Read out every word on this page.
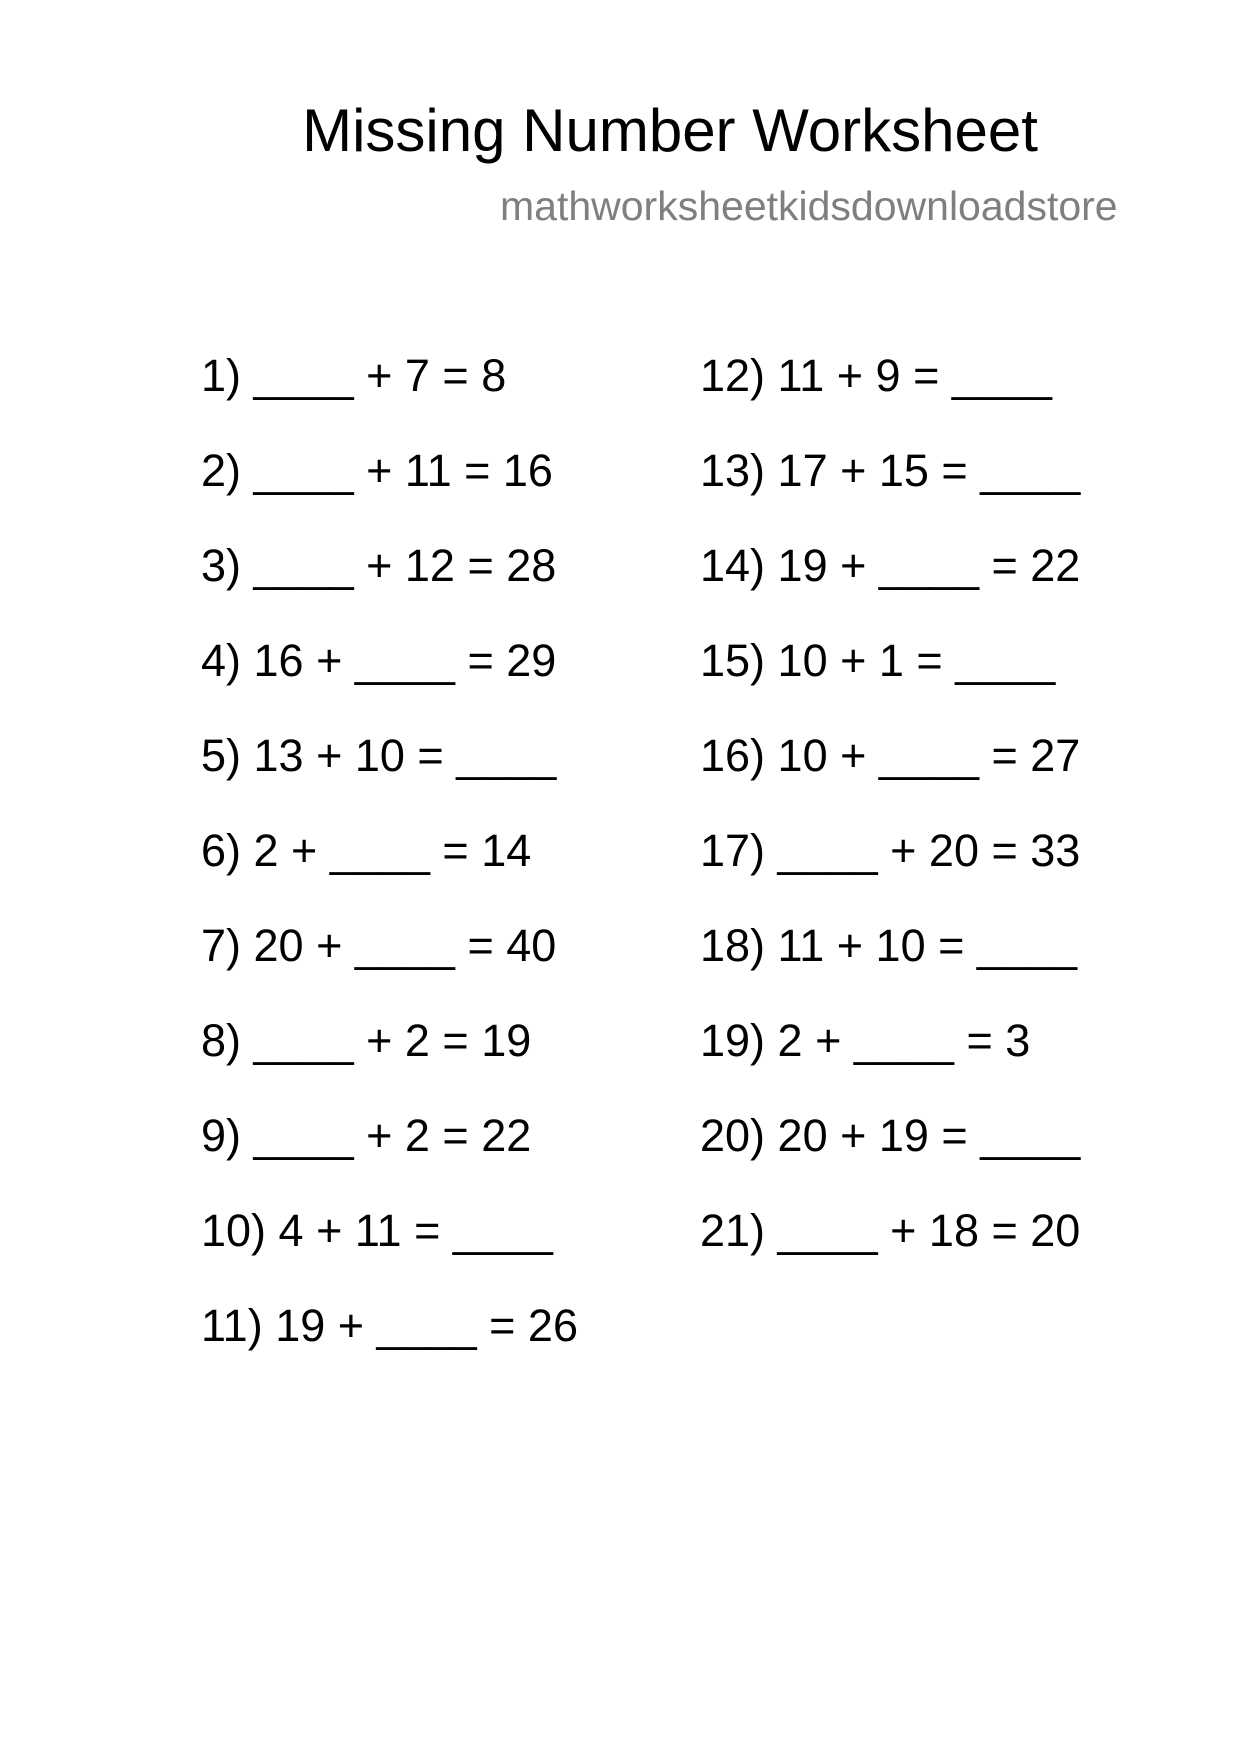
Missing Number Worksheet
mathworksheetkidsdownloadstore
1) ____ + 7 = 8
2) ____ + 11 = 16
3) ____ + 12 = 28
4) 16 + ____ = 29
5) 13 + 10 = ____
6) 2 + ____ = 14
7) 20 + ____ = 40
8) ____ + 2 = 19
9) ____ + 2 = 22
10) 4 + 11 = ____
11) 19 + ____ = 26
12) 11 + 9 = ____
13) 17 + 15 = ____
14) 19 + ____ = 22
15) 10 + 1 = ____
16) 10 + ____ = 27
17) ____ + 20 = 33
18) 11 + 10 = ____
19) 2 + ____ = 3
20) 20 + 19 = ____
21) ____ + 18 = 20
